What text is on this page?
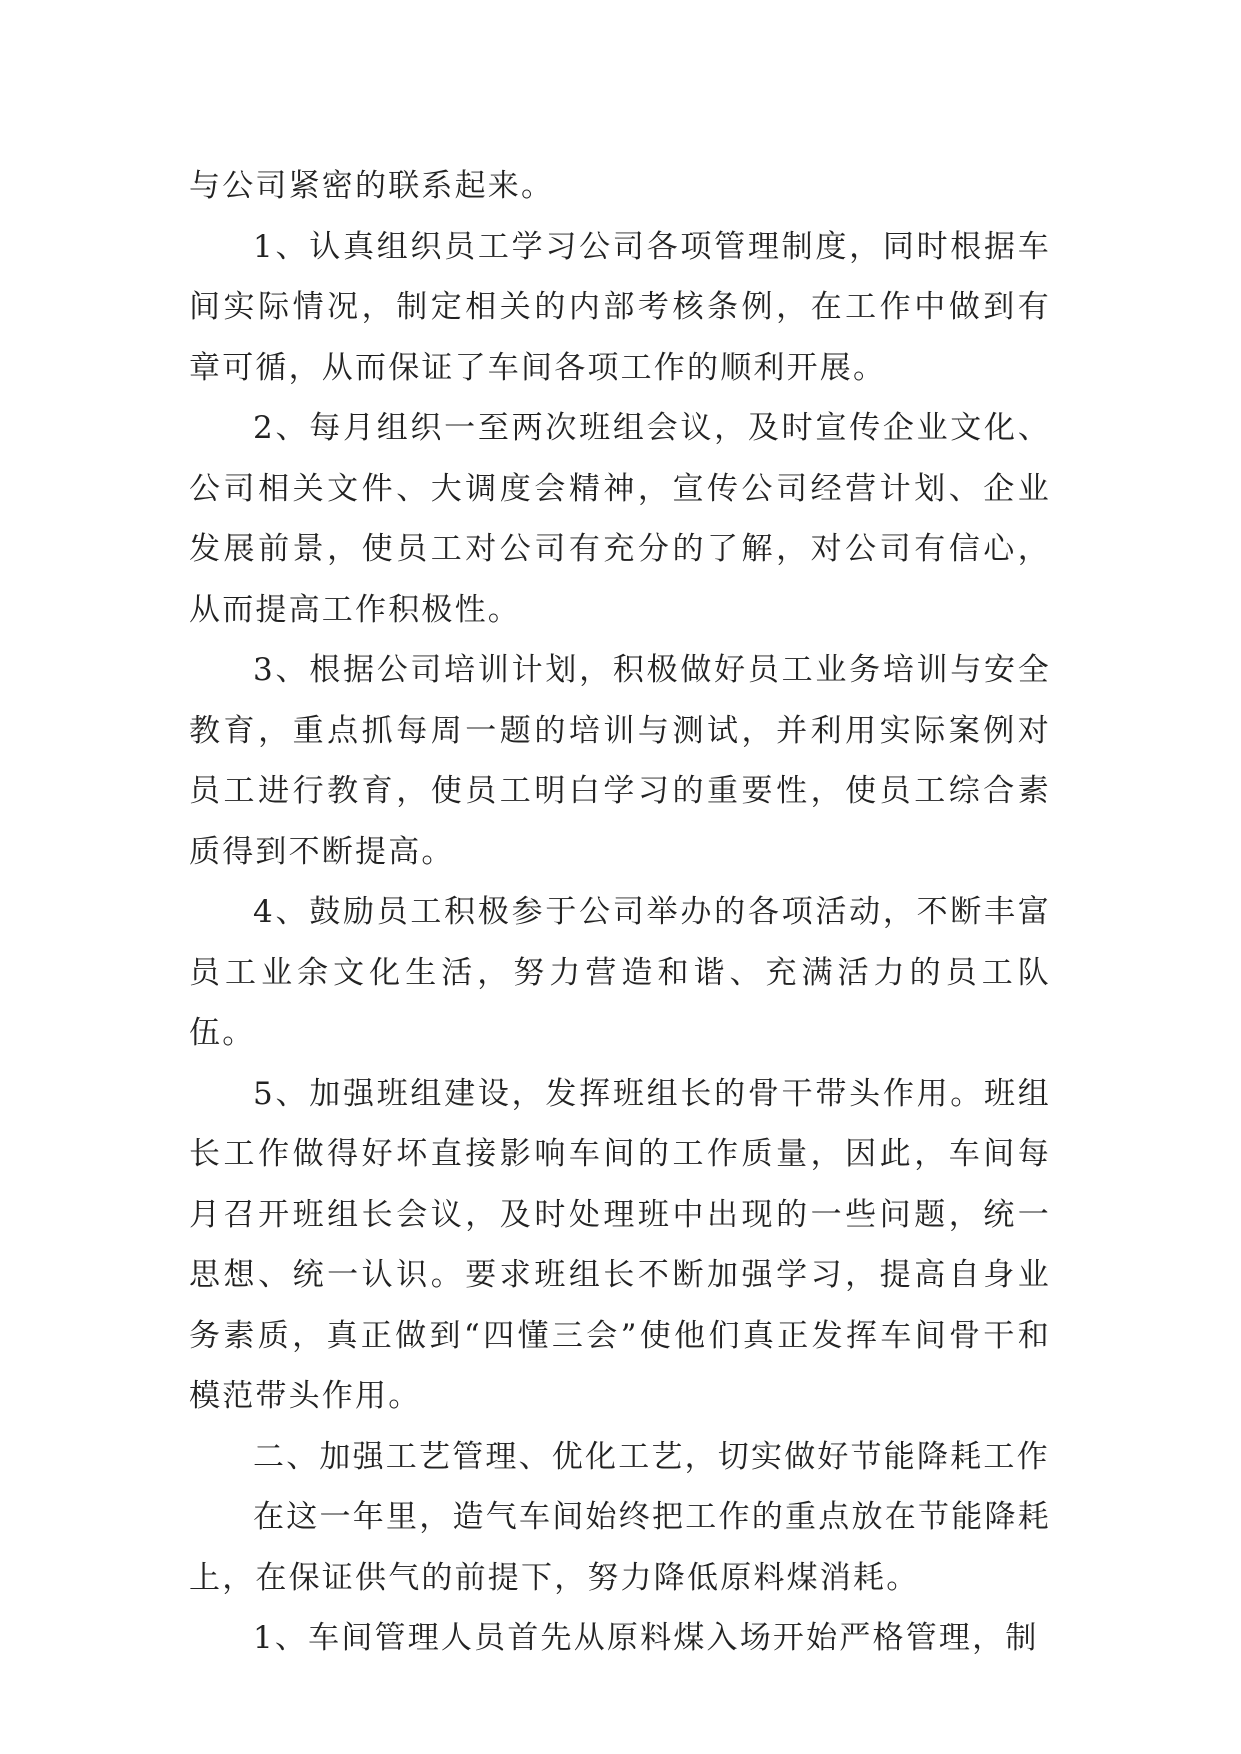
与公司紧密的联系起来。

1、认真组织员工学习公司各项管理制度，同时根据车间实际情况，制定相关的内部考核条例，在工作中做到有章可循，从而保证了车间各项工作的顺利开展。

2、每月组织一至两次班组会议，及时宣传企业文化、公司相关文件、大调度会精神，宣传公司经营计划、企业发展前景，使员工对公司有充分的了解，对公司有信心，从而提高工作积极性。

3、根据公司培训计划，积极做好员工业务培训与安全教育，重点抓每周一题的培训与测试，并利用实际案例对员工进行教育，使员工明白学习的重要性，使员工综合素质得到不断提高。

4、鼓励员工积极参于公司举办的各项活动，不断丰富员工业余文化生活，努力营造和谐、充满活力的员工队伍。

5、加强班组建设，发挥班组长的骨干带头作用。班组长工作做得好坏直接影响车间的工作质量，因此，车间每月召开班组长会议，及时处理班中出现的一些问题，统一思想、统一认识。要求班组长不断加强学习，提高自身业务素质，真正做到“四懂三会”使他们真正发挥车间骨干和模范带头作用。

二、加强工艺管理、优化工艺，切实做好节能降耗工作

在这一年里，造气车间始终把工作的重点放在节能降耗上，在保证供气的前提下，努力降低原料煤消耗。

1、车间管理人员首先从原料煤入场开始严格管理，制
